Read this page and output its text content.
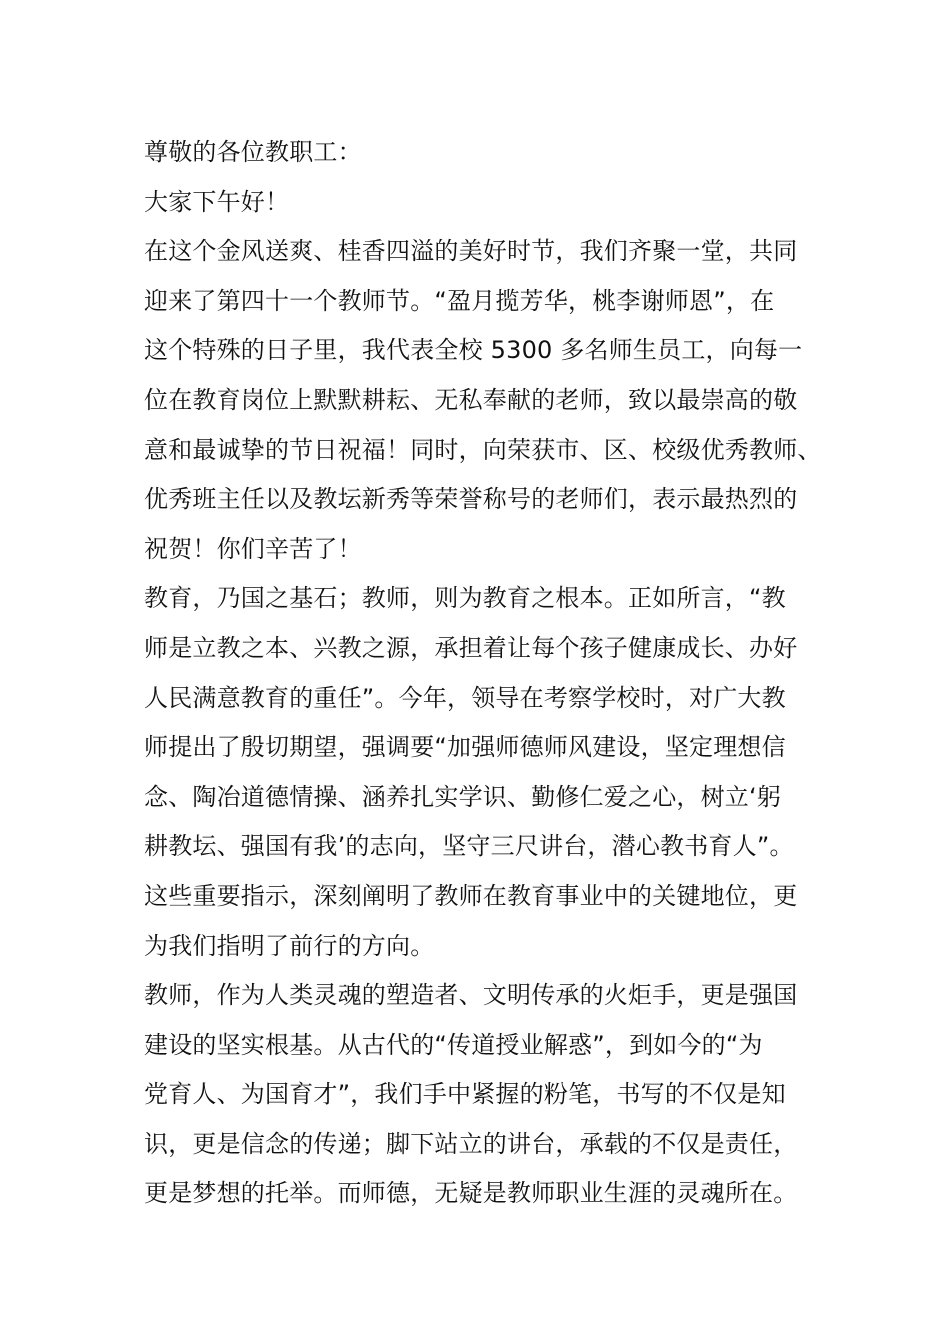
尊敬的各位教职工：
大家下午好！
在这个金风送爽、桂香四溢的美好时节，我们齐聚一堂，共同
迎来了第四十一个教师节。“盈月揽芳华，桃李谢师恩”，在
这个特殊的日子里，我代表全校 5300 多名师生员工，向每一
位在教育岗位上默默耕耘、无私奉献的老师，致以最崇高的敬
意和最诚挚的节日祝福！同时，向荣获市、区、校级优秀教师、
优秀班主任以及教坛新秀等荣誉称号的老师们，表示最热烈的
祝贺！你们辛苦了！
教育，乃国之基石；教师，则为教育之根本。正如所言，“教
师是立教之本、兴教之源，承担着让每个孩子健康成长、办好
人民满意教育的重任”。今年，领导在考察学校时，对广大教
师提出了殷切期望，强调要“加强师德师风建设，坚定理想信
念、陶冶道德情操、涵养扎实学识、勤修仁爱之心，树立‘躬
耕教坛、强国有我’的志向，坚守三尺讲台，潜心教书育人”。
这些重要指示，深刻阐明了教师在教育事业中的关键地位，更
为我们指明了前行的方向。
教师，作为人类灵魂的塑造者、文明传承的火炬手，更是强国
建设的坚实根基。从古代的“传道授业解惑”，到如今的“为
党育人、为国育才”，我们手中紧握的粉笔，书写的不仅是知
识，更是信念的传递；脚下站立的讲台，承载的不仅是责任，
更是梦想的托举。而师德，无疑是教师职业生涯的灵魂所在。
